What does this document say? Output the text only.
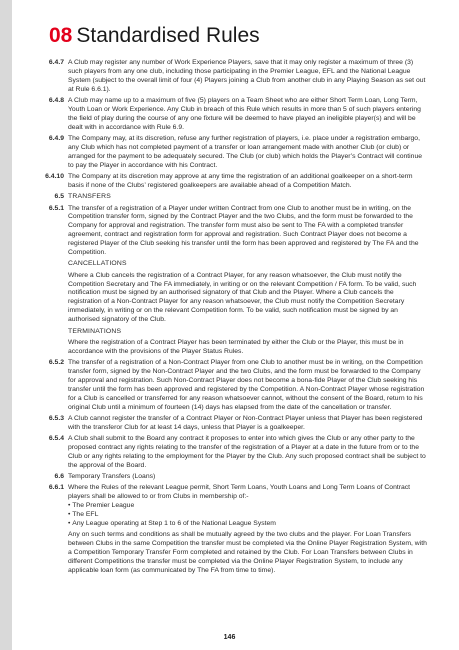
08 Standardised Rules
6.4.7 A Club may register any number of Work Experience Players, save that it may only register a maximum of three (3) such players from any one club, including those participating in the Premier League, EFL and the National League System (subject to the overall limit of four (4) Players joining a Club from another club in any Playing Season as set out at Rule 6.6.1).
6.4.8 A Club may name up to a maximum of five (5) players on a Team Sheet who are either Short Term Loan, Long Term, Youth Loan or Work Experience. Any Club in breach of this Rule which results in more than 5 of such players entering the field of play during the course of any one fixture will be deemed to have played an ineligible player(s) and will be dealt with in accordance with Rule 6.9.
6.4.9 The Company may, at its discretion, refuse any further registration of players, i.e. place under a registration embargo, any Club which has not completed payment of a transfer or loan arrangement made with another Club (or club) or arranged for the payment to be adequately secured. The Club (or club) which holds the Player’s Contract will continue to pay the Player in accordance with his Contract.
6.4.10 The Company at its discretion may approve at any time the registration of an additional goalkeeper on a short-term basis if none of the Clubs’ registered goalkeepers are available ahead of a Competition Match.
6.5 TRANSFERS
6.5.1 The transfer of a registration of a Player under written Contract from one Club to another must be in writing, on the Competition transfer form, signed by the Contract Player and the two Clubs, and the form must be forwarded to the Company for approval and registration. The transfer form must also be sent to The FA with a completed transfer agreement, contract and registration form for approval and registration. Such Contract Player does not become a registered Player of the Club seeking his transfer until the form has been approved and registered by The FA and the Competition.
CANCELLATIONS
Where a Club cancels the registration of a Contract Player, for any reason whatsoever, the Club must notify the Competition Secretary and The FA immediately, in writing or on the relevant Competition / FA form. To be valid, such notification must be signed by an authorised signatory of that Club and the Player. Where a Club cancels the registration of a Non-Contract Player for any reason whatsoever, the Club must notify the Competition Secretary immediately, in writing or on the relevant Competition form. To be valid, such notification must be signed by an authorised signatory of the Club.
TERMINATIONS
Where the registration of a Contract Player has been terminated by either the Club or the Player, this must be in accordance with the provisions of the Player Status Rules.
6.5.2 The transfer of a registration of a Non-Contract Player from one Club to another must be in writing, on the Competition transfer form, signed by the Non-Contract Player and the two Clubs, and the form must be forwarded to the Company for approval and registration. Such Non-Contract Player does not become a bona-fide Player of the Club seeking his transfer until the form has been approved and registered by the Competition. A Non-Contract Player whose registration for a Club is cancelled or transferred for any reason whatsoever cannot, without the consent of the Board, return to his original Club until a minimum of fourteen (14) days has elapsed from the date of the cancellation or transfer.
6.5.3 A Club cannot register the transfer of a Contract Player or Non-Contract Player unless that Player has been registered with the transferor Club for at least 14 days, unless that Player is a goalkeeper.
6.5.4 A Club shall submit to the Board any contract it proposes to enter into which gives the Club or any other party to the proposed contract any rights relating to the transfer of the registration of a Player at a date in the future from or to the Club or any rights relating to the employment for the Player by the Club. Any such proposed contract shall be subject to the approval of the Board.
6.6 Temporary Transfers (Loans)
6.6.1 Where the Rules of the relevant League permit, Short Term Loans, Youth Loans and Long Term Loans of Contract players shall be allowed to or from Clubs in membership of:-
• The Premier League
• The EFL
• Any League operating at Step 1 to 6 of the National League System
Any on such terms and conditions as shall be mutually agreed by the two clubs and the player. For Loan Transfers between Clubs in the same Competition the transfer must be completed via the Online Player Registration System, with a Competition Temporary Transfer Form completed and retained by the Club. For Loan Transfers between Clubs in different Competitions the transfer must be completed via the Online Player Registration System, to include any applicable loan form (as communicated by The FA from time to time).
146
